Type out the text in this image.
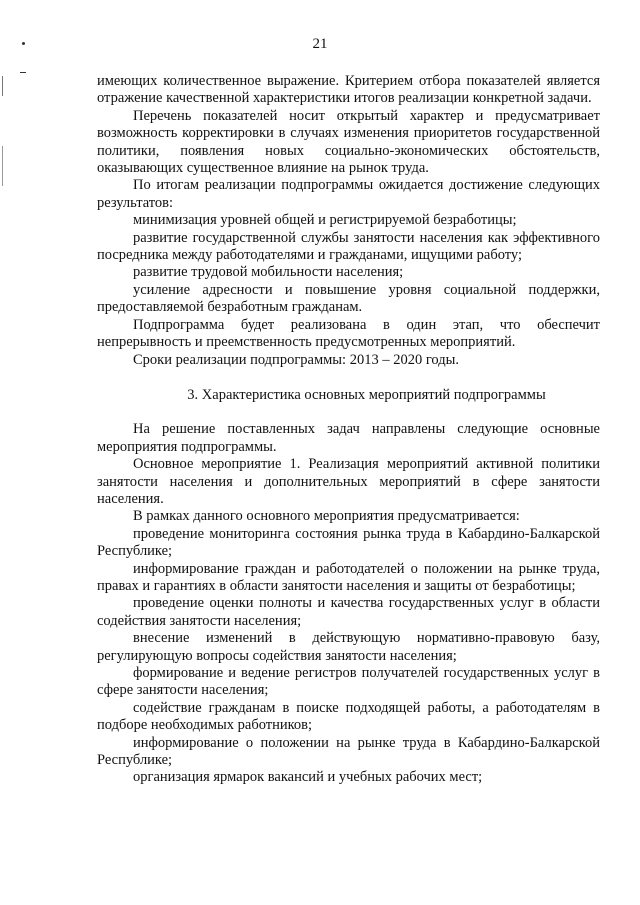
21

имеющих количественное выражение. Критерием отбора показателей является отражение качественной характеристики итогов реализации конкретной задачи.

Перечень показателей носит открытый характер и предусматривает возможность корректировки в случаях изменения приоритетов государственной политики, появления новых социально-экономических обстоятельств, оказывающих существенное влияние на рынок труда.

По итогам реализации подпрограммы ожидается достижение следующих результатов:

минимизация уровней общей и регистрируемой безработицы;

развитие государственной службы занятости населения как эффективного посредника между работодателями и гражданами, ищущими работу;

развитие трудовой мобильности населения;

усиление адресности и повышение уровня социальной поддержки, предоставляемой безработным гражданам.

Подпрограмма будет реализована в один этап, что обеспечит непрерывность и преемственность предусмотренных мероприятий.

Сроки реализации подпрограммы: 2013 – 2020 годы.

3. Характеристика основных мероприятий подпрограммы

На решение поставленных задач направлены следующие основные мероприятия подпрограммы.

Основное мероприятие 1. Реализация мероприятий активной политики занятости населения и дополнительных мероприятий в сфере занятости населения.

В рамках данного основного мероприятия предусматривается:

проведение мониторинга состояния рынка труда в Кабардино-Балкарской Республике;

информирование граждан и работодателей о положении на рынке труда, правах и гарантиях в области занятости населения и защиты от безработицы;

проведение оценки полноты и качества государственных услуг в области содействия занятости населения;

внесение изменений в действующую нормативно-правовую базу, регулирующую вопросы содействия занятости населения;

формирование и ведение регистров получателей государственных услуг в сфере занятости населения;

содействие гражданам в поиске подходящей работы, а работодателям в подборе необходимых работников;

информирование о положении на рынке труда в Кабардино-Балкарской Республике;

организация ярмарок вакансий и учебных рабочих мест;
